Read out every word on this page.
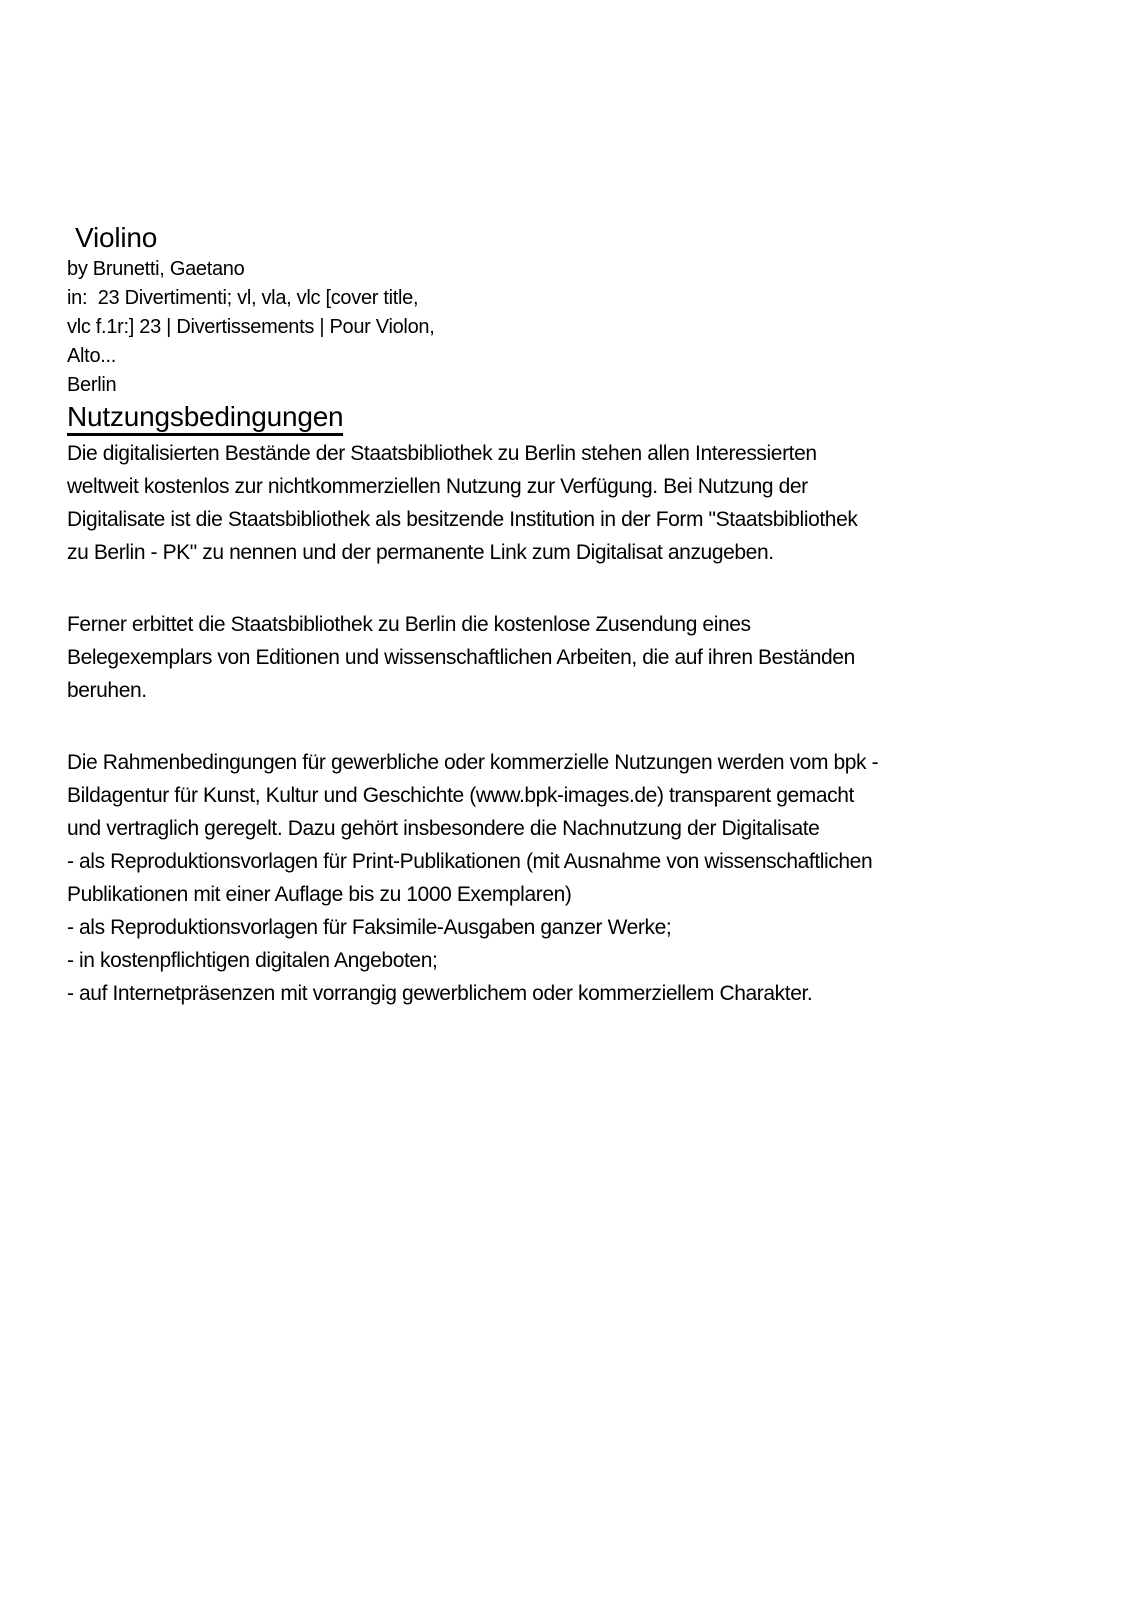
Violino
by Brunetti, Gaetano
in:  23 Divertimenti; vl, vla, vlc [cover title,
vlc f.1r:] 23 | Divertissements | Pour Violon,
Alto...
Berlin
Nutzungsbedingungen
Die digitalisierten Bestände der Staatsbibliothek zu Berlin stehen allen Interessierten
weltweit kostenlos zur nichtkommerziellen Nutzung zur Verfügung. Bei Nutzung der
Digitalisate ist die Staatsbibliothek als besitzende Institution in der Form "Staatsbibliothek
zu Berlin - PK" zu nennen und der permanente Link zum Digitalisat anzugeben.
Ferner erbittet die Staatsbibliothek zu Berlin die kostenlose Zusendung eines
Belegexemplars von Editionen und wissenschaftlichen Arbeiten, die auf ihren Beständen
beruhen.
Die Rahmenbedingungen für gewerbliche oder kommerzielle Nutzungen werden vom bpk -
Bildagentur für Kunst, Kultur und Geschichte (www.bpk-images.de) transparent gemacht
und vertraglich geregelt. Dazu gehört insbesondere die Nachnutzung der Digitalisate
- als Reproduktionsvorlagen für Print-Publikationen (mit Ausnahme von wissenschaftlichen
Publikationen mit einer Auflage bis zu 1000 Exemplaren)
- als Reproduktionsvorlagen für Faksimile-Ausgaben ganzer Werke;
- in kostenpflichtigen digitalen Angeboten;
- auf Internetpräsenzen mit vorrangig gewerblichem oder kommerziellem Charakter.
